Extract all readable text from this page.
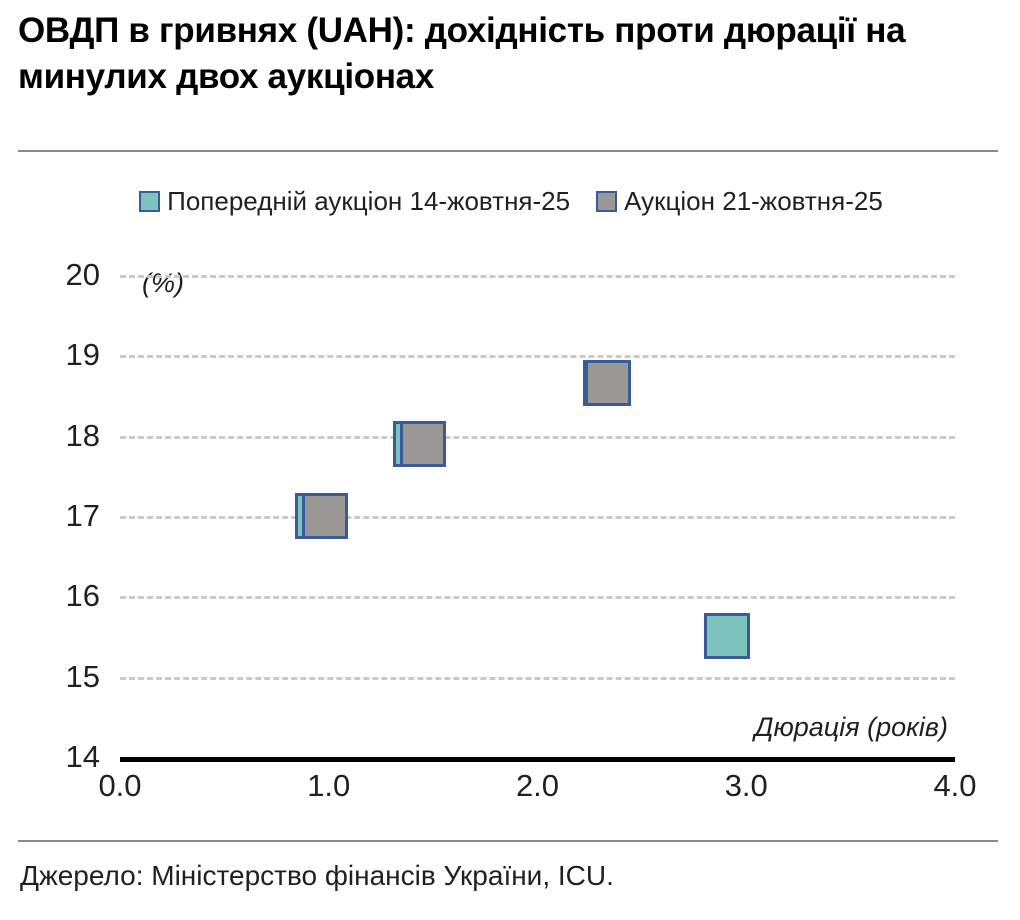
ОВДП в гривнях (UAH): дохідність проти дюрації на минулих двох аукціонах
Попередній аукціон 14-жовтня-25 Аукціон 21-жовтня-25
20
19
18
17
16
15
14
(%)
Дюрація (років)
0.0	1.0	2.0	3.0	4.0
Джерело: Міністерство фінансів України, ICU.
